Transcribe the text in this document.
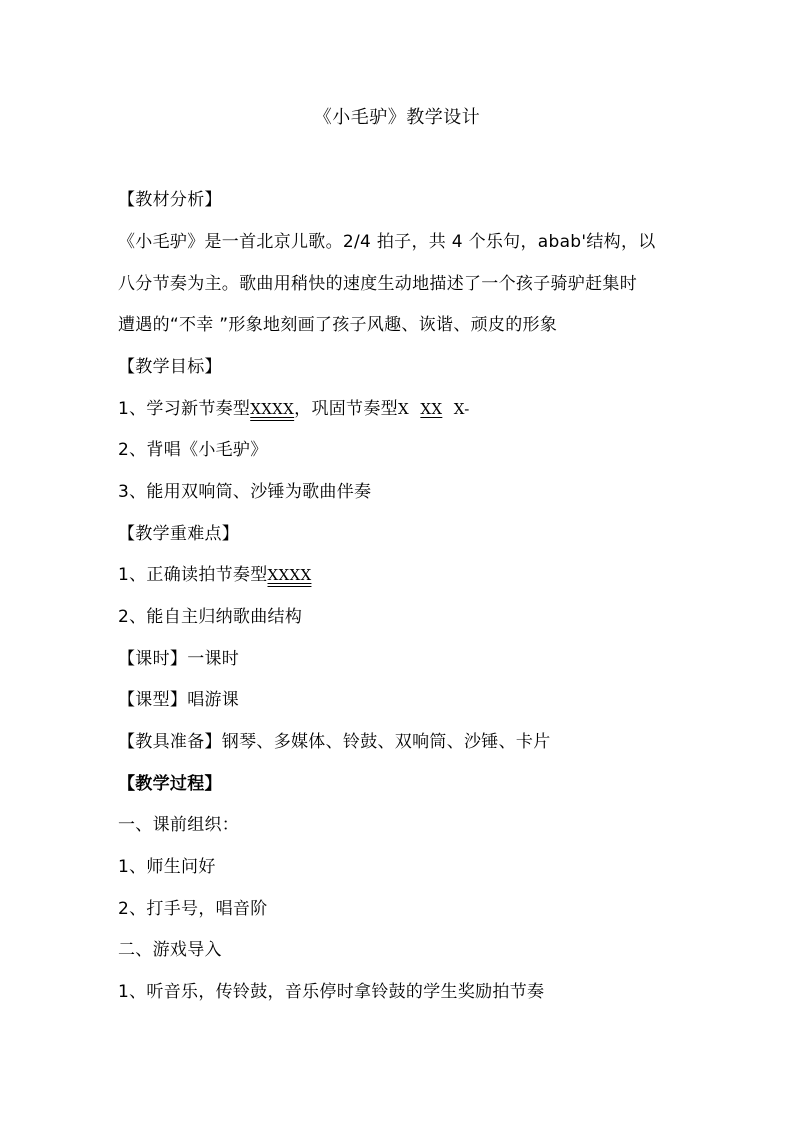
《小毛驴》教学设计
【教材分析】
《小毛驴》是一首北京儿歌。2/4 拍子，共 4 个乐句，abab'结构，以
八分节奏为主。歌曲用稍快的速度生动地描述了一个孩子骑驴赶集时
遭遇的“不幸 ”形象地刻画了孩子风趣、诙谐、顽皮的形象
【教学目标】
1、学习新节奏型XXXX，巩固节奏型X XX X-
2、背唱《小毛驴》
3、能用双响筒、沙锤为歌曲伴奏
【教学重难点】
1、正确读拍节奏型XXXX
2、能自主归纳歌曲结构
【课时】一课时
【课型】唱游课
【教具准备】钢琴、多媒体、铃鼓、双响筒、沙锤、卡片
【教学过程】
一、课前组织：
1、师生问好
2、打手号，唱音阶
二、游戏导入
1、听音乐，传铃鼓，音乐停时拿铃鼓的学生奖励拍节奏
